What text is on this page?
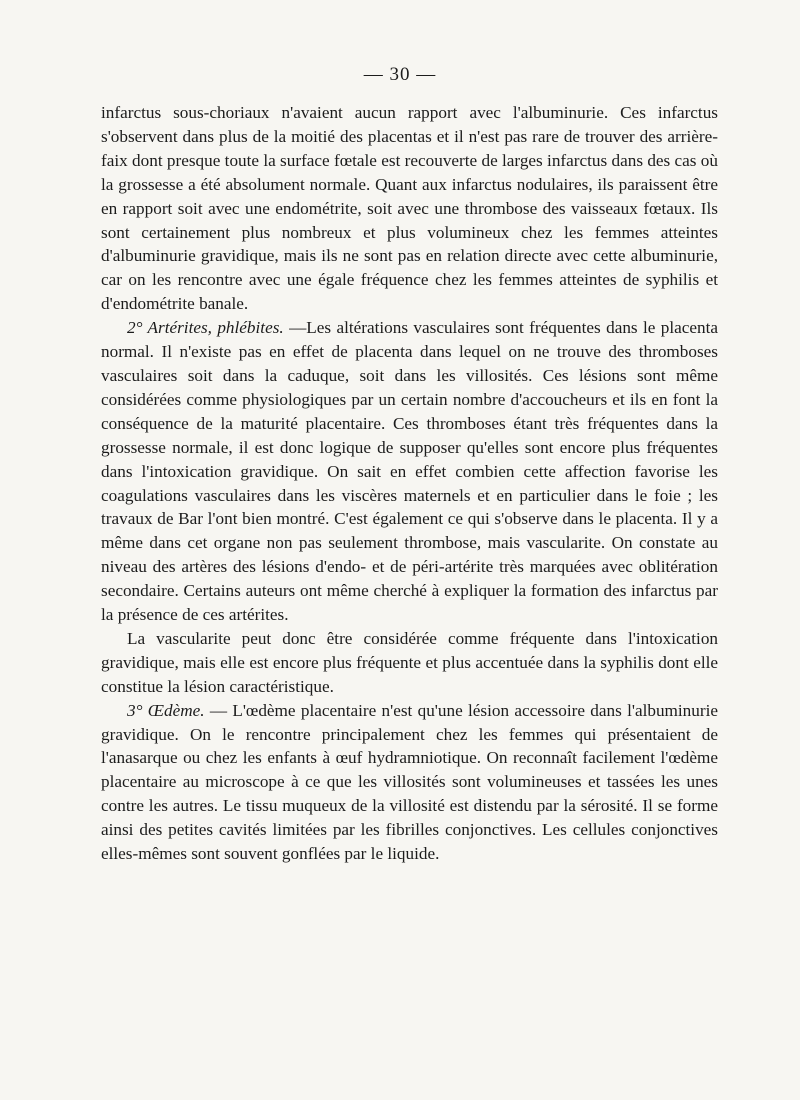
— 30 —

infarctus sous-choriaux n'avaient aucun rapport avec l'albuminurie. Ces infarctus s'observent dans plus de la moitié des placentas et il n'est pas rare de trouver des arrière-faix dont presque toute la surface fœtale est recouverte de larges infarctus dans des cas où la grossesse a été absolument normale. Quant aux infarctus nodulaires, ils paraissent être en rapport soit avec une endométrite, soit avec une thrombose des vaisseaux fœtaux. Ils sont certainement plus nombreux et plus volumineux chez les femmes atteintes d'albuminurie gravidique, mais ils ne sont pas en relation directe avec cette albuminurie, car on les rencontre avec une égale fréquence chez les femmes atteintes de syphilis et d'endométrite banale.

2° Artérites, phlébites. —Les altérations vasculaires sont fréquentes dans le placenta normal. Il n'existe pas en effet de placenta dans lequel on ne trouve des thromboses vasculaires soit dans la caduque, soit dans les villosités. Ces lésions sont même considérées comme physiologiques par un certain nombre d'accoucheurs et ils en font la conséquence de la maturité placentaire. Ces thromboses étant très fréquentes dans la grossesse normale, il est donc logique de supposer qu'elles sont encore plus fréquentes dans l'intoxication gravidique. On sait en effet combien cette affection favorise les coagulations vasculaires dans les viscères maternels et en particulier dans le foie ; les travaux de Bar l'ont bien montré. C'est également ce qui s'observe dans le placenta. Il y a même dans cet organe non pas seulement thrombose, mais vascularite. On constate au niveau des artères des lésions d'endo- et de péri-artérite très marquées avec oblitération secondaire. Certains auteurs ont même cherché à expliquer la formation des infarctus par la présence de ces artérites.

La vascularite peut donc être considérée comme fréquente dans l'intoxication gravidique, mais elle est encore plus fréquente et plus accentuée dans la syphilis dont elle constitue la lésion caractéristique.

3° Œdème. — L'œdème placentaire n'est qu'une lésion accessoire dans l'albuminurie gravidique. On le rencontre principalement chez les femmes qui présentaient de l'anasarque ou chez les enfants à œuf hydramniotique. On reconnaît facilement l'œdème placentaire au microscope à ce que les villosités sont volumineuses et tassées les unes contre les autres. Le tissu muqueux de la villosité est distendu par la sérosité. Il se forme ainsi des petites cavités limitées par les fibrilles conjonctives. Les cellules conjonctives elles-mêmes sont souvent gonflées par le liquide.
